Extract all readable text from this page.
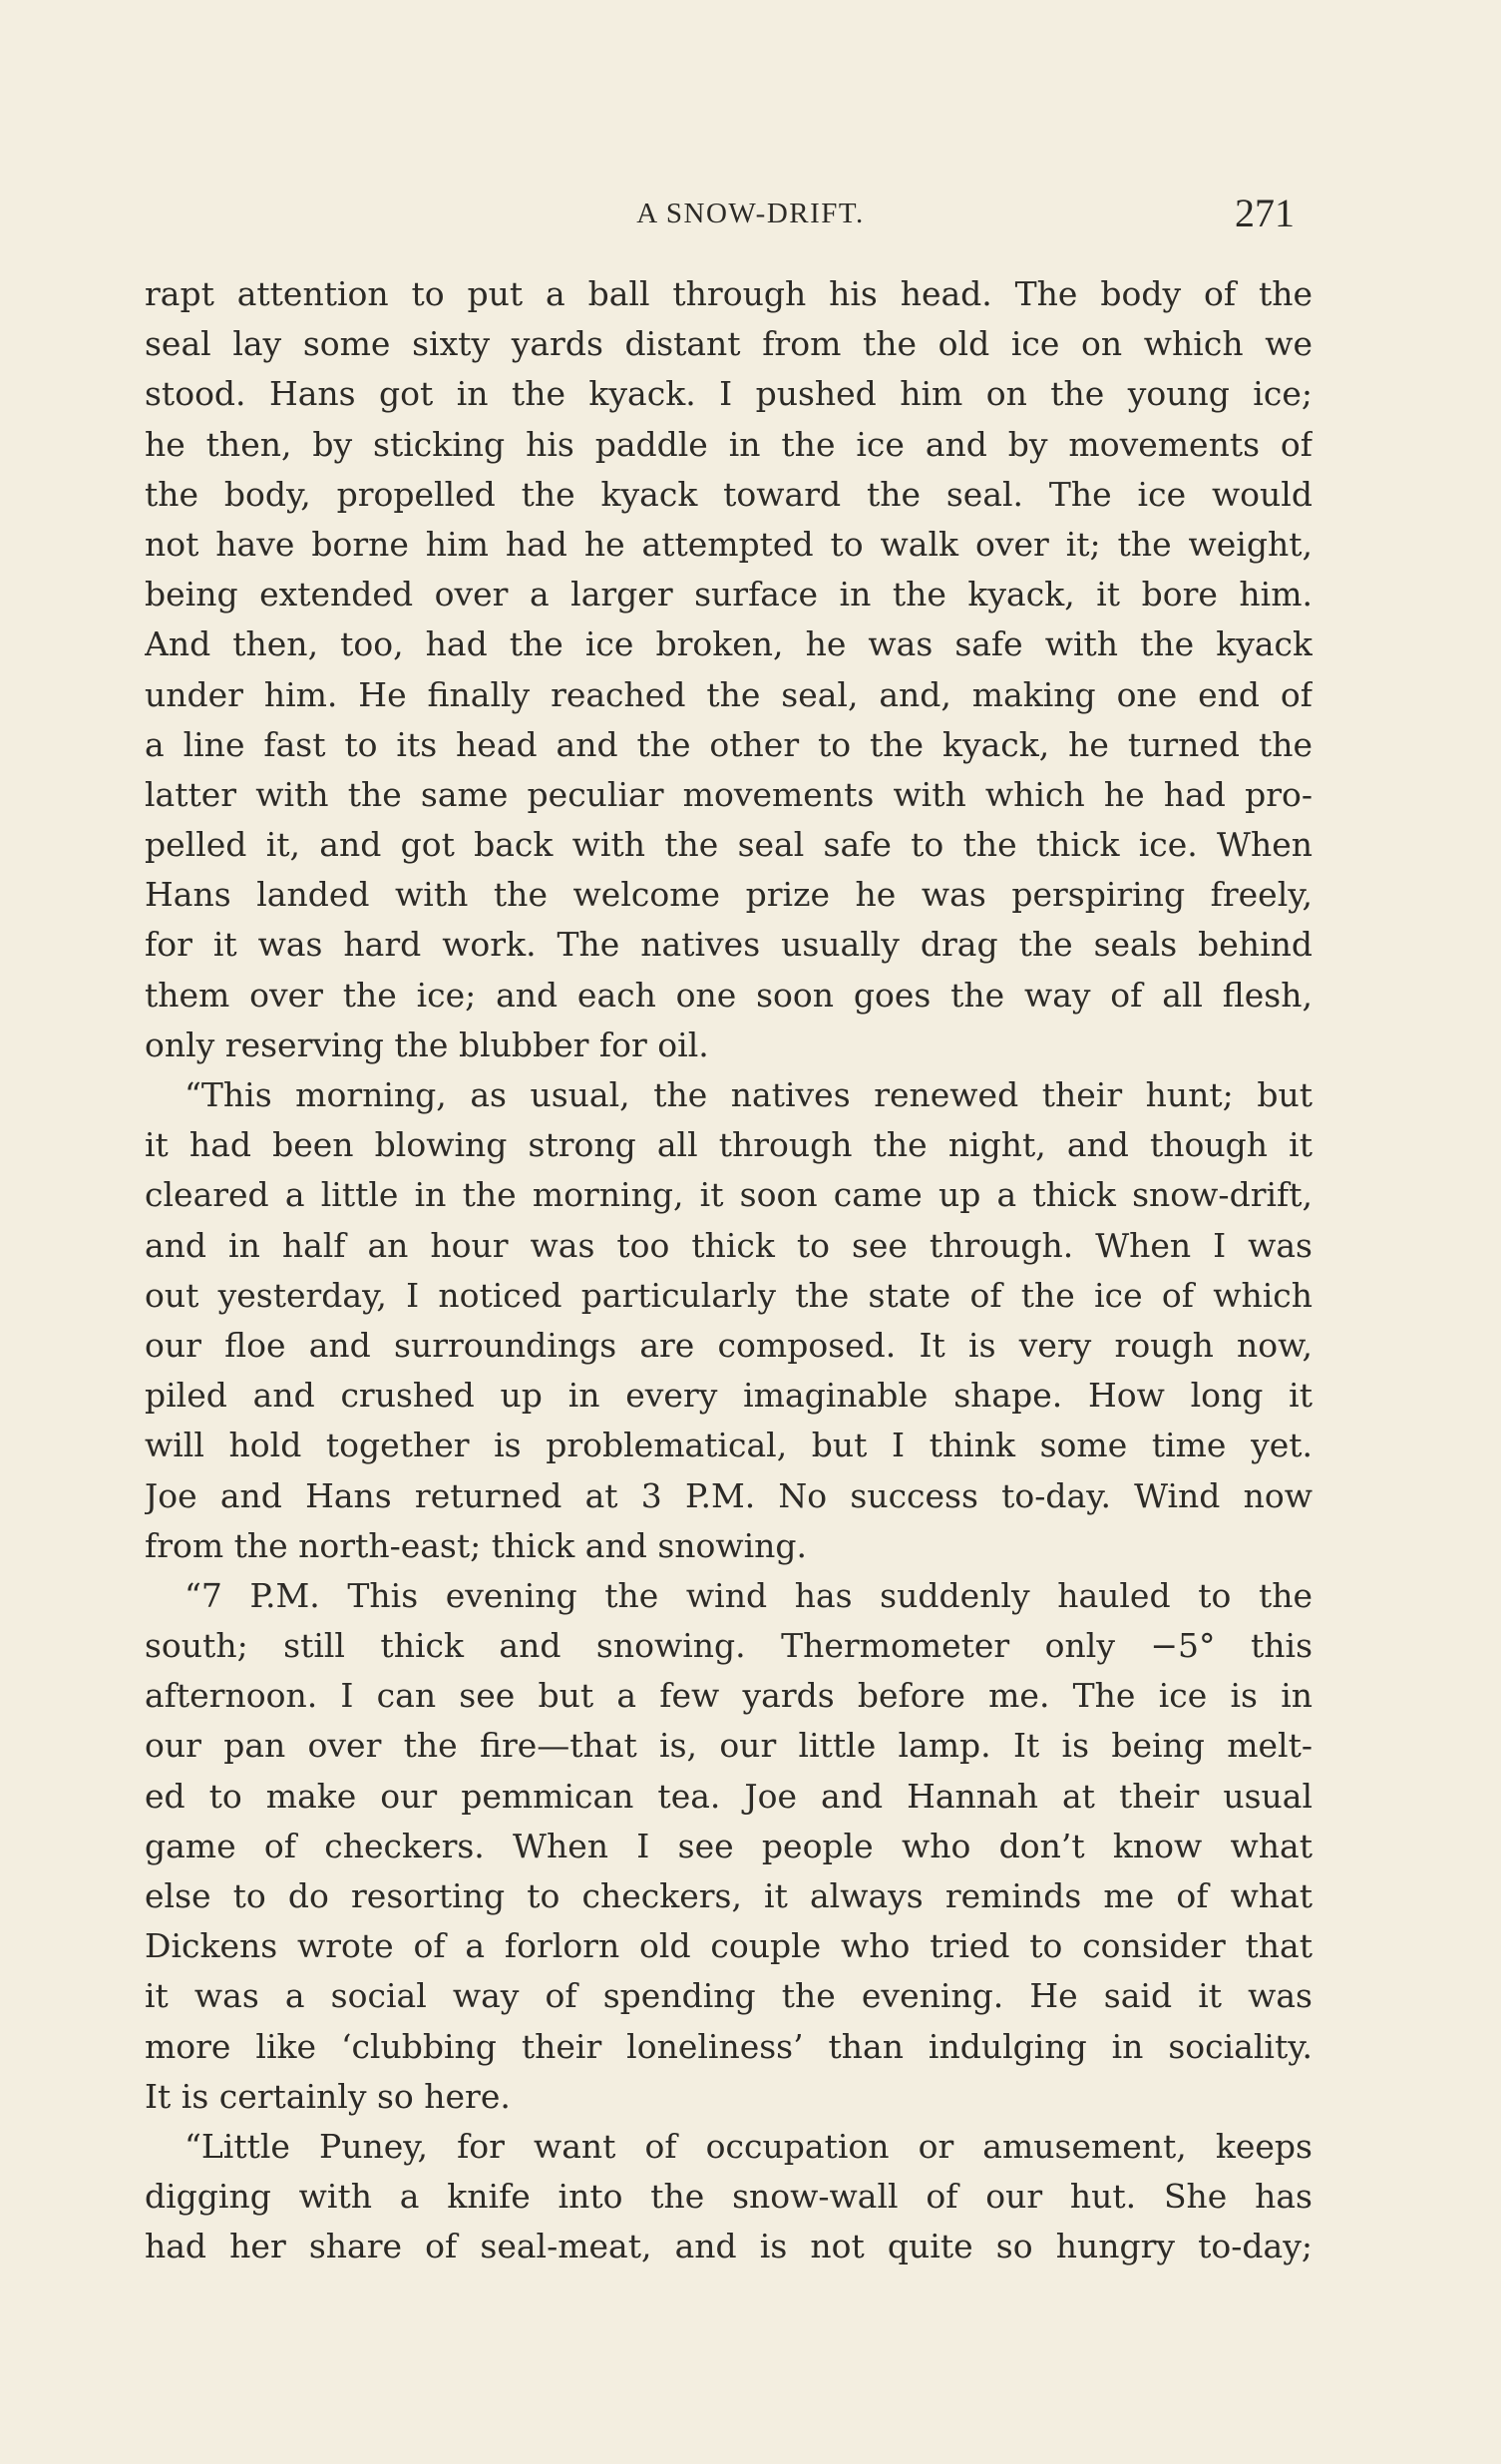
A SNOW-DRIFT.	271
rapt attention to put a ball through his head. The body of the
seal lay some sixty yards distant from the old ice on which we
stood. Hans got in the kyack. I pushed him on the young ice;
he then, by sticking his paddle in the ice and by movements of
the body, propelled the kyack toward the seal. The ice would
not have borne him had he attempted to walk over it; the weight,
being extended over a larger surface in the kyack, it bore him.
And then, too, had the ice broken, he was safe with the kyack
under him. He finally reached the seal, and, making one end of
a line fast to its head and the other to the kyack, he turned the
latter with the same peculiar movements with which he had pro-
pelled it, and got back with the seal safe to the thick ice. When
Hans landed with the welcome prize he was perspiring freely,
for it was hard work. The natives usually drag the seals behind
them over the ice; and each one soon goes the way of all flesh,
only reserving the blubber for oil.
“This morning, as usual, the natives renewed their hunt; but
it had been blowing strong all through the night, and though it
cleared a little in the morning, it soon came up a thick snow-drift,
and in half an hour was too thick to see through. When I was
out yesterday, I noticed particularly the state of the ice of which
our floe and surroundings are composed. It is very rough now,
piled and crushed up in every imaginable shape. How long it
will hold together is problematical, but I think some time yet.
Joe and Hans returned at 3 P.M. No success to-day. Wind now
from the north-east; thick and snowing.
“7 P.M. This evening the wind has suddenly hauled to the
south; still thick and snowing. Thermometer only −5° this
afternoon. I can see but a few yards before me. The ice is in
our pan over the fire—that is, our little lamp. It is being melt-
ed to make our pemmican tea. Joe and Hannah at their usual
game of checkers. When I see people who don’t know what
else to do resorting to checkers, it always reminds me of what
Dickens wrote of a forlorn old couple who tried to consider that
it was a social way of spending the evening. He said it was
more like ‘clubbing their loneliness’ than indulging in sociality.
It is certainly so here.
“Little Puney, for want of occupation or amusement, keeps
digging with a knife into the snow-wall of our hut. She has
had her share of seal-meat, and is not quite so hungry to-day;
